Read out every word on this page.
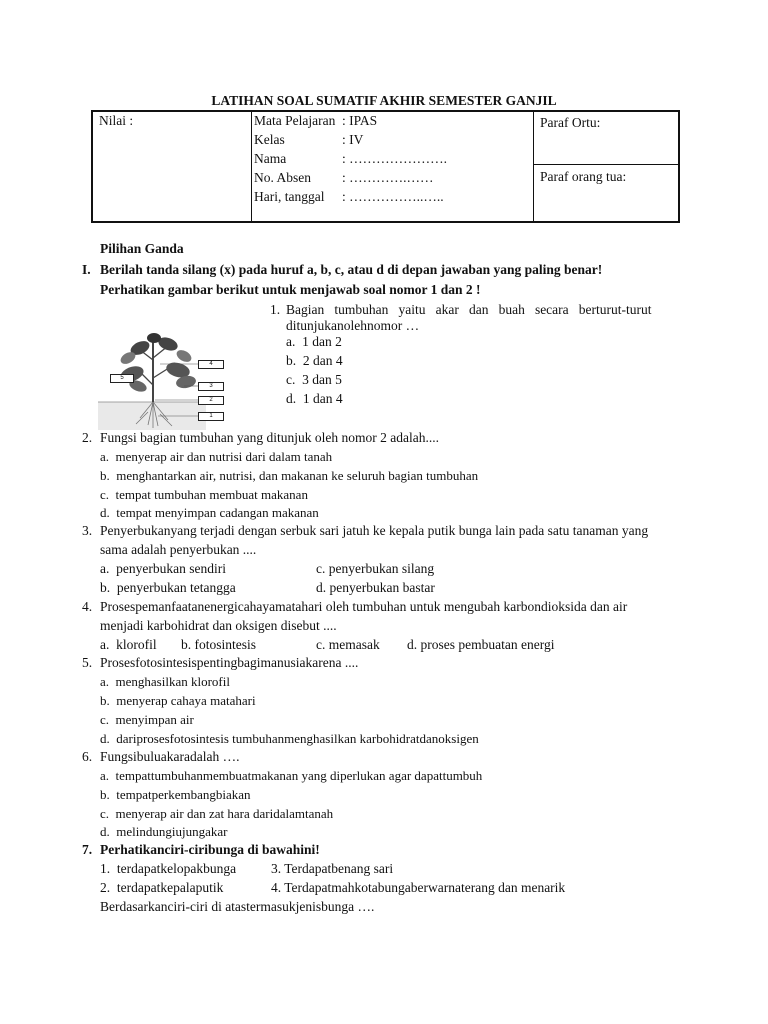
LATIHAN SOAL SUMATIF AKHIR SEMESTER GANJIL
Nilai :	Mata Pelajaran : IPAS
Kelas	: IV
Nama	: ………………….
No. Absen : ………….……
Hari, tanggal : ……………..…..
Paraf Ortu:
Paraf orang tua:
Pilihan Ganda
I. Berilah tanda silang (x) pada huruf a, b, c, atau d di depan jawaban yang paling benar!
Perhatikan gambar berikut untuk menjawab soal nomor 1 dan 2 !
4
5
3
2
1
1. Bagian   tumbuhan   yaitu   akar   dan   buah   secara   berturut-turut
ditunjukanolehnomor …
a. 1 dan 2
b. 2 dan 4
c. 3 dan 5
d. 1 dan 4
2. Fungsi bagian tumbuhan yang ditunjuk oleh nomor 2 adalah....
a. menyerap air dan nutrisi dari dalam tanah
b. menghantarkan air, nutrisi, dan makanan ke seluruh bagian tumbuhan
c. tempat tumbuhan membuat makanan
d. tempat menyimpan cadangan makanan
3. Penyerbukanyang terjadi dengan serbuk sari jatuh ke kepala putik bunga lain pada satu tanaman yang
sama adalah penyerbukan ....
a. penyerbukan sendiri	c. penyerbukan silang
b. penyerbukan tetangga	d. penyerbukan bastar
4. Prosespemanfaatanenergicahayamatahari oleh tumbuhan untuk mengubah karbondioksida dan air
menjadi karbohidrat dan oksigen disebut ....
a. klorofil b. fotosintesis	c. memasak d. proses pembuatan energi
5. Prosesfotosintesispentingbagimanusiakarena ....
a. menghasilkan klorofil
b. menyerap cahaya matahari
c. menyimpan air
d. dariprosesfotosintesis tumbuhanmenghasilkan karbohidratdanoksigen
6. Fungsibuluakaradalah ….
a. tempattumbuhanmembuatmakanan yang diperlukan agar dapattumbuh
b. tempatperkembangbiakan
c. menyerap air dan zat hara daridalamtanah
d. melindungiujungakar
7. Perhatikanciri-ciribunga di bawahini!
1. terdapatkelopakbunga	3. Terdapatbenang sari
2. terdapatkepalaputik	4. Terdapatmahkotabungaberwarnaterang dan menarik
Berdasarkanciri-ciri di atastermasukjenisbunga ….
